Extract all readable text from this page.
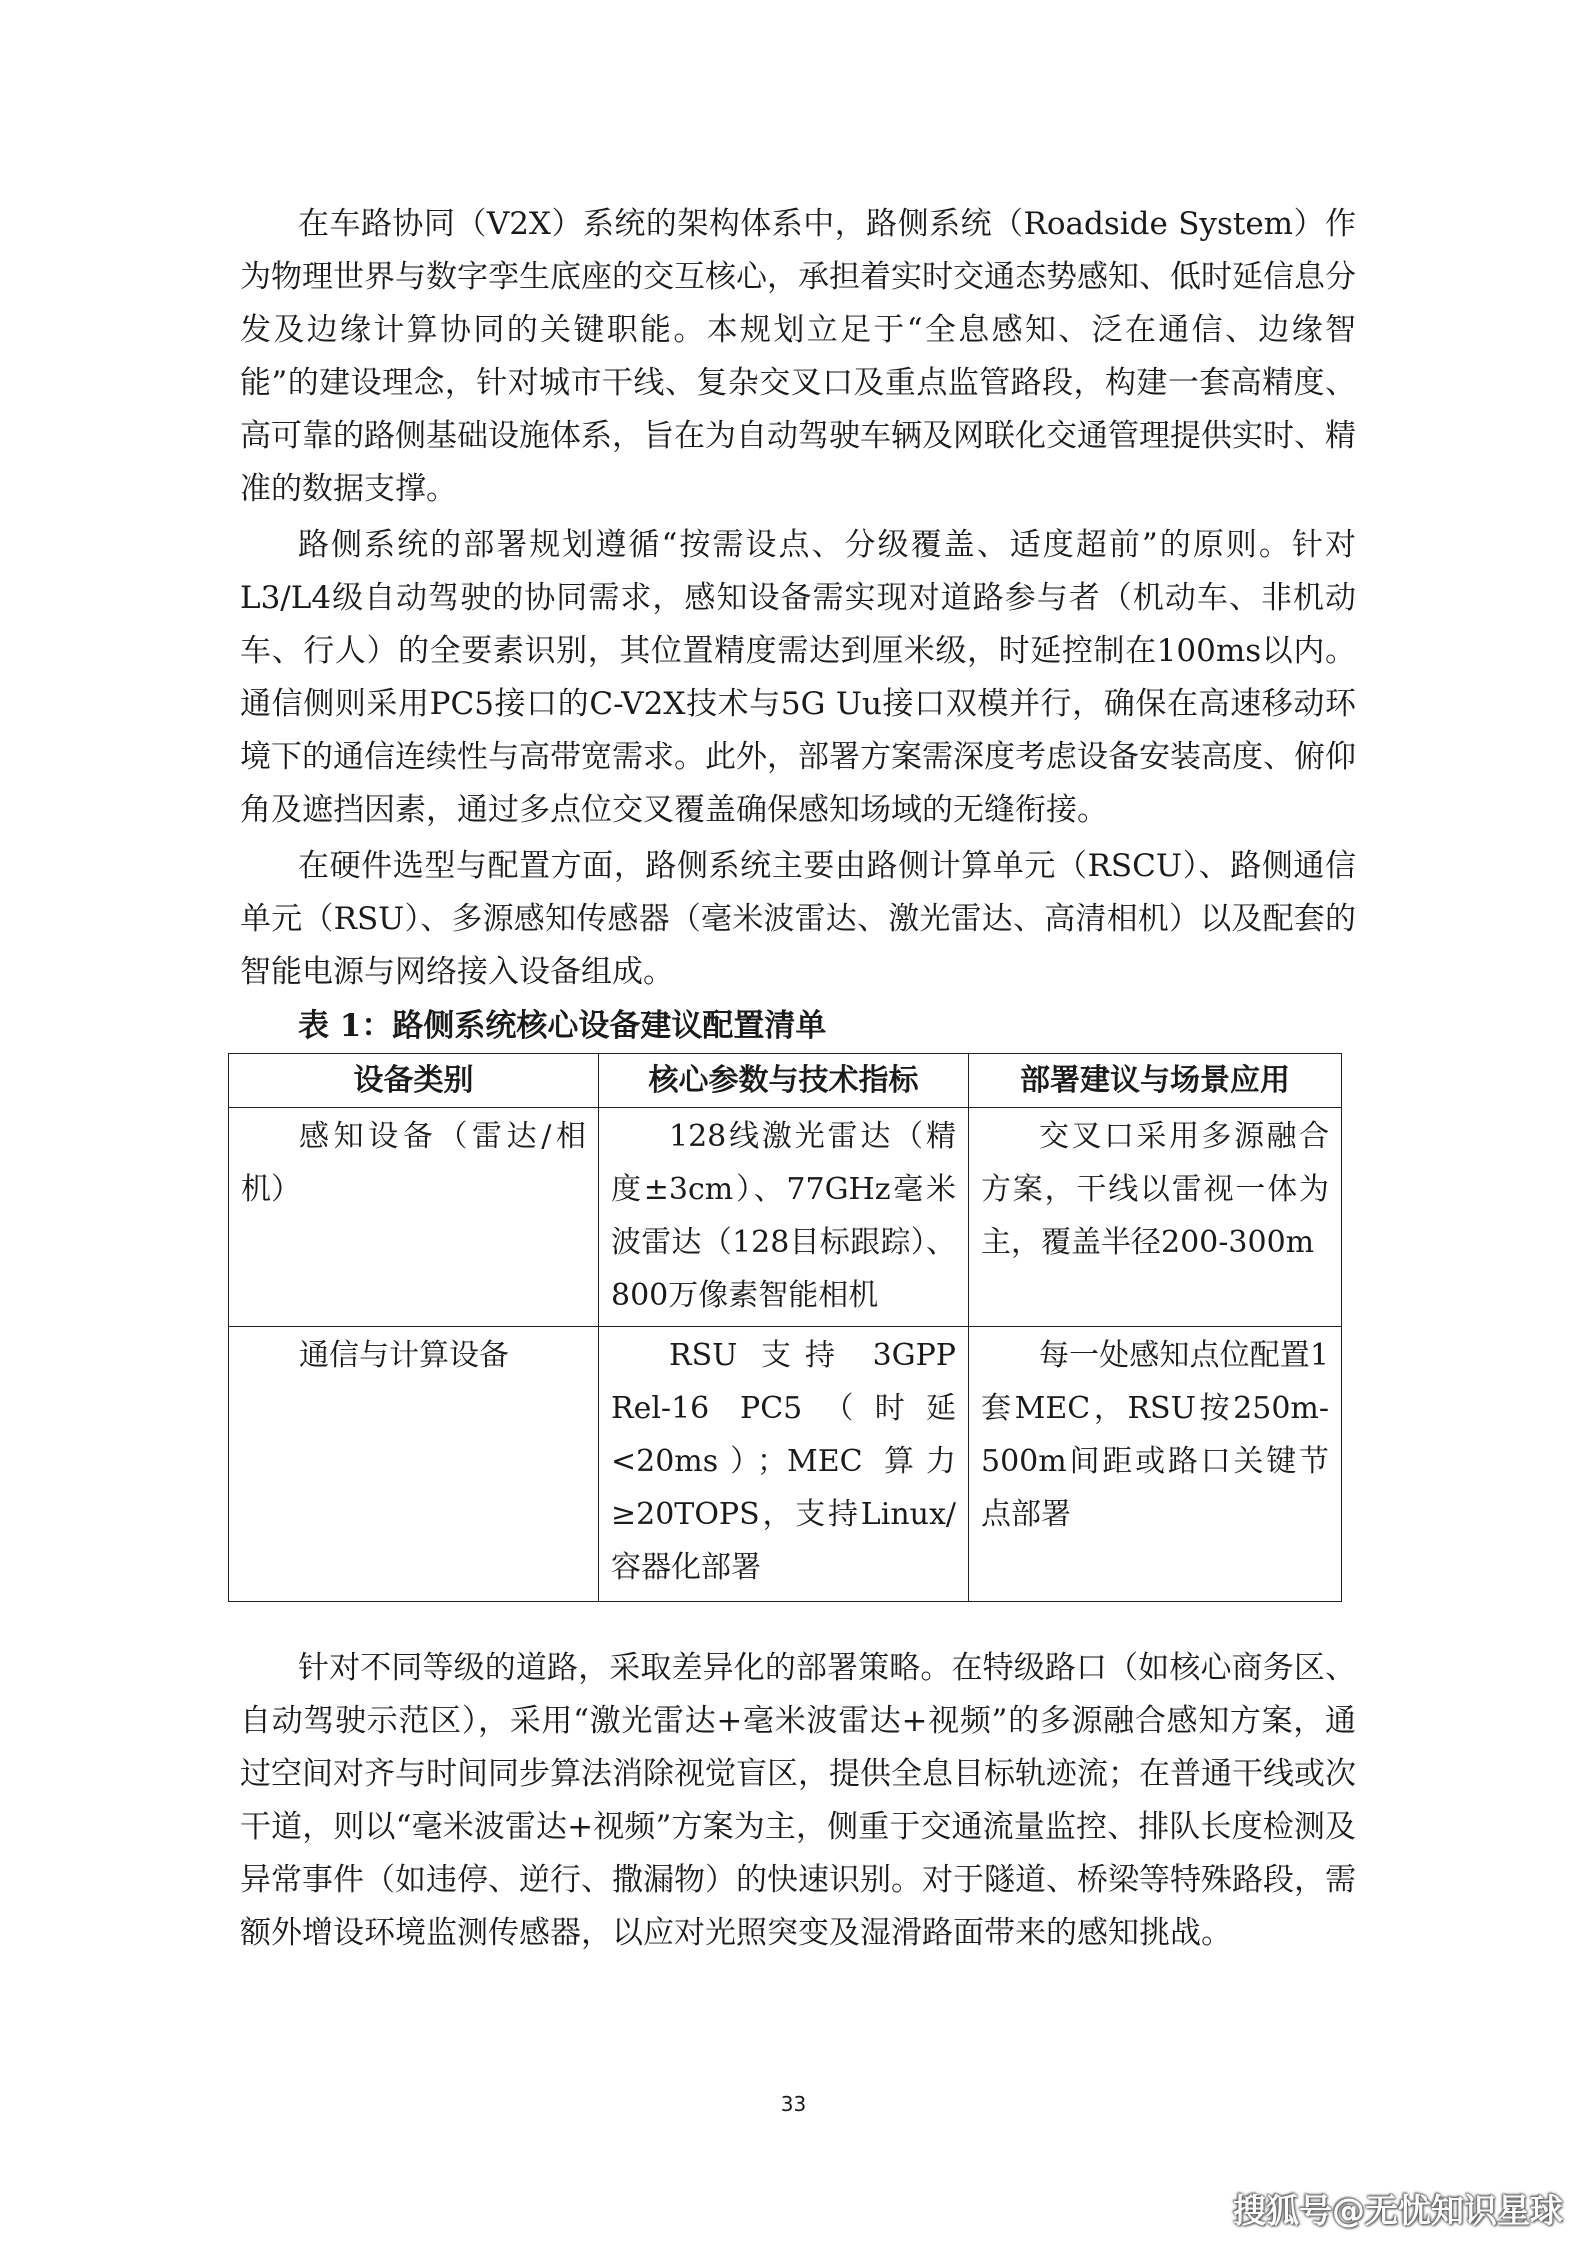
在车路协同（V2X）系统的架构体系中，路侧系统（Roadside System）作为物理世界与数字孪生底座的交互核心，承担着实时交通态势感知、低时延信息分发及边缘计算协同的关键职能。本规划立足于“全息感知、泛在通信、边缘智能”的建设理念，针对城市干线、复杂交叉口及重点监管路段，构建一套高精度、高可靠的路侧基础设施体系，旨在为自动驾驶车辆及网联化交通管理提供实时、精准的数据支撑。

路侧系统的部署规划遵循“按需设点、分级覆盖、适度超前”的原则。针对L3/L4级自动驾驶的协同需求，感知设备需实现对道路参与者（机动车、非机动车、行人）的全要素识别，其位置精度需达到厘米级，时延控制在100ms以内。通信侧则采用PC5接口的C-V2X技术与5G Uu接口双模并行，确保在高速移动环境下的通信连续性与高带宽需求。此外，部署方案需深度考虑设备安装高度、俯仰角及遮挡因素，通过多点位交叉覆盖确保感知场域的无缝衔接。

在硬件选型与配置方面，路侧系统主要由路侧计算单元（RSCU）、路侧通信单元（RSU）、多源感知传感器（毫米波雷达、激光雷达、高清相机）以及配套的智能电源与网络接入设备组成。

表 1：路侧系统核心设备建议配置清单

设备类别	核心参数与技术指标	部署建议与场景应用

感知设备（雷达/相机）	128线激光雷达（精度±3cm）、77GHz毫米波雷达（128目标跟踪）、800万像素智能相机	交叉口采用多源融合方案，干线以雷视一体为主，覆盖半径200-300m

通信与计算设备	RSU 支持 3GPP Rel-16 PC5（时延<20ms）；MEC 算力≥20TOPS，支持Linux/容器化部署	每一处感知点位配置1套MEC，RSU按250m-500m间距或路口关键节点部署

针对不同等级的道路，采取差异化的部署策略。在特级路口（如核心商务区、自动驾驶示范区），采用“激光雷达+毫米波雷达+视频”的多源融合感知方案，通过空间对齐与时间同步算法消除视觉盲区，提供全息目标轨迹流；在普通干线或次干道，则以“毫米波雷达+视频”方案为主，侧重于交通流量监控、排队长度检测及异常事件（如违停、逆行、撒漏物）的快速识别。对于隧道、桥梁等特殊路段，需额外增设环境监测传感器，以应对光照突变及湿滑路面带来的感知挑战。

33
搜狐号@无忧知识星球
